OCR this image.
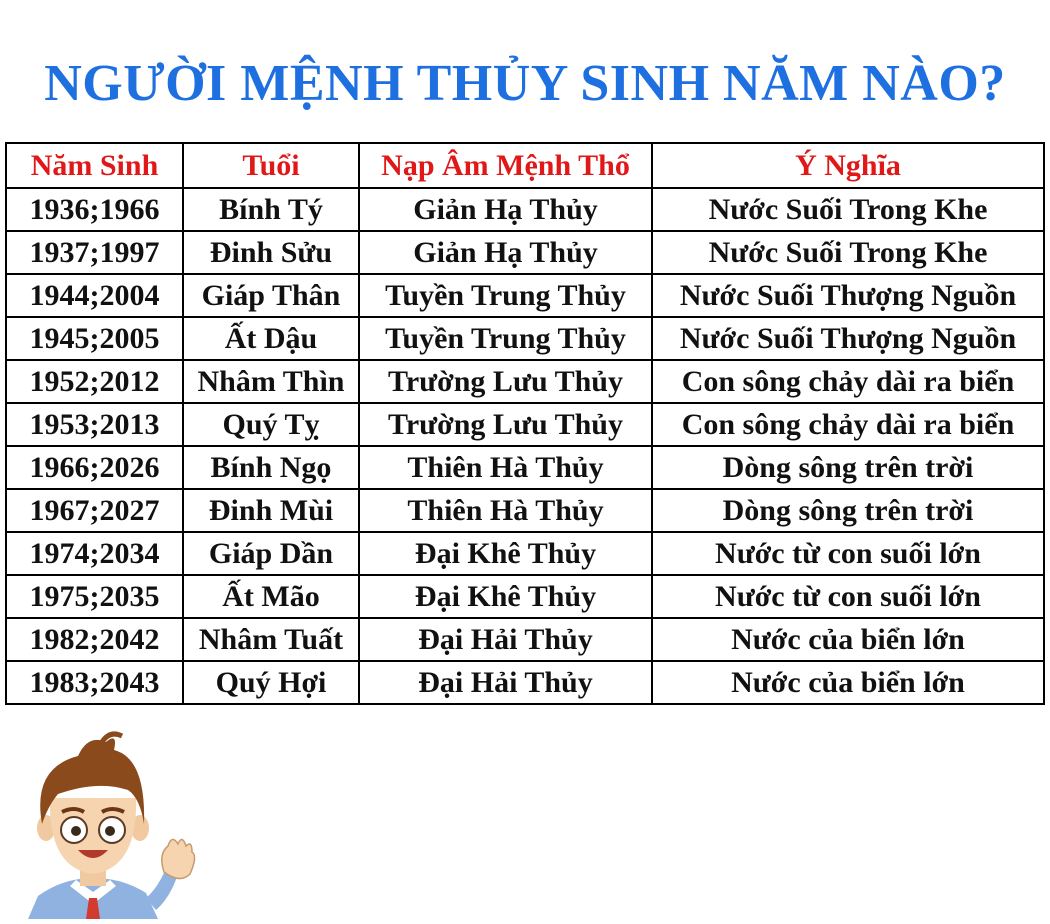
NGƯỜI MỆNH THỦY SINH NĂM NÀO?
Năm Sinh	Tuổi	Nạp Âm Mệnh Thổ	Ý Nghĩa
1936;1966	Bính Tý	Giản Hạ Thủy	Nước Suối Trong Khe
1937;1997	Đinh Sửu	Giản Hạ Thủy	Nước Suối Trong Khe
1944;2004	Giáp Thân	Tuyền Trung Thủy	Nước Suối Thượng Nguồn
1945;2005	Ất Dậu	Tuyền Trung Thủy	Nước Suối Thượng Nguồn
1952;2012	Nhâm Thìn	Trường Lưu Thủy	Con sông chảy dài ra biển
1953;2013	Quý Tỵ	Trường Lưu Thủy	Con sông chảy dài ra biển
1966;2026	Bính Ngọ	Thiên Hà Thủy	Dòng sông trên trời
1967;2027	Đinh Mùi	Thiên Hà Thủy	Dòng sông trên trời
1974;2034	Giáp Dần	Đại Khê Thủy	Nước từ con suối lớn
1975;2035	Ất Mão	Đại Khê Thủy	Nước từ con suối lớn
1982;2042	Nhâm Tuất	Đại Hải Thủy	Nước của biển lớn
1983;2043	Quý Hợi	Đại Hải Thủy	Nước của biển lớn
